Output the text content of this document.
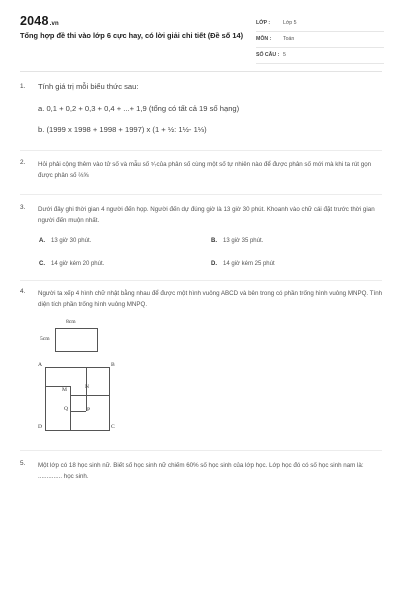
2048.vn
Tổng hợp đề thi vào lớp 6 cực hay, có lời giải chi tiết (Đề số 14)
LỚP : Lớp 5
MÔN : Toán
SỐ CÂU : 5
1. Tính giá trị mỗi biểu thức sau:
a. 0,1 + 0,2 + 0,3 + 0,4 + ...+ 1,9 (tổng có tất cả 19 số hạng)
b. (1999 x 1998 + 1998 + 1997) x (1 + ½: 1½- 1⅓)
2. Hỏi phải cộng thêm vào tử số và mẫu số ⁵⁄₇của phân số cùng một số tự nhiên nào để được phân số mới mà khi ta rút gọn được phân số ⅔⅝
3. Dưới đây ghi thời gian 4 người đến họp. Người đến dự đúng giờ là 13 giờ 30 phút. Khoanh vào chữ cái đặt trước thời gian người đến muộn nhất.
A. 13 giờ 30 phút.	B. 13 giờ 35 phút.
C. 14 giờ kém 20 phút.	D. 14 giờ kém 25 phút
4. Người ta xếp 4 hình chữ nhật bằng nhau để được một hình vuông ABCD và bên trong có phần trống hình vuông MNPQ. Tính diện tích phần trống hình vuông MNPQ.
8cm
5cm
A	B
D	C
M	N
P
Q
5. Một lớp có 18 học sinh nữ. Biết số học sinh nữ chiếm 60% số học sinh của lớp học. Lớp học đó có số học sinh nam là: .............. học sinh.
